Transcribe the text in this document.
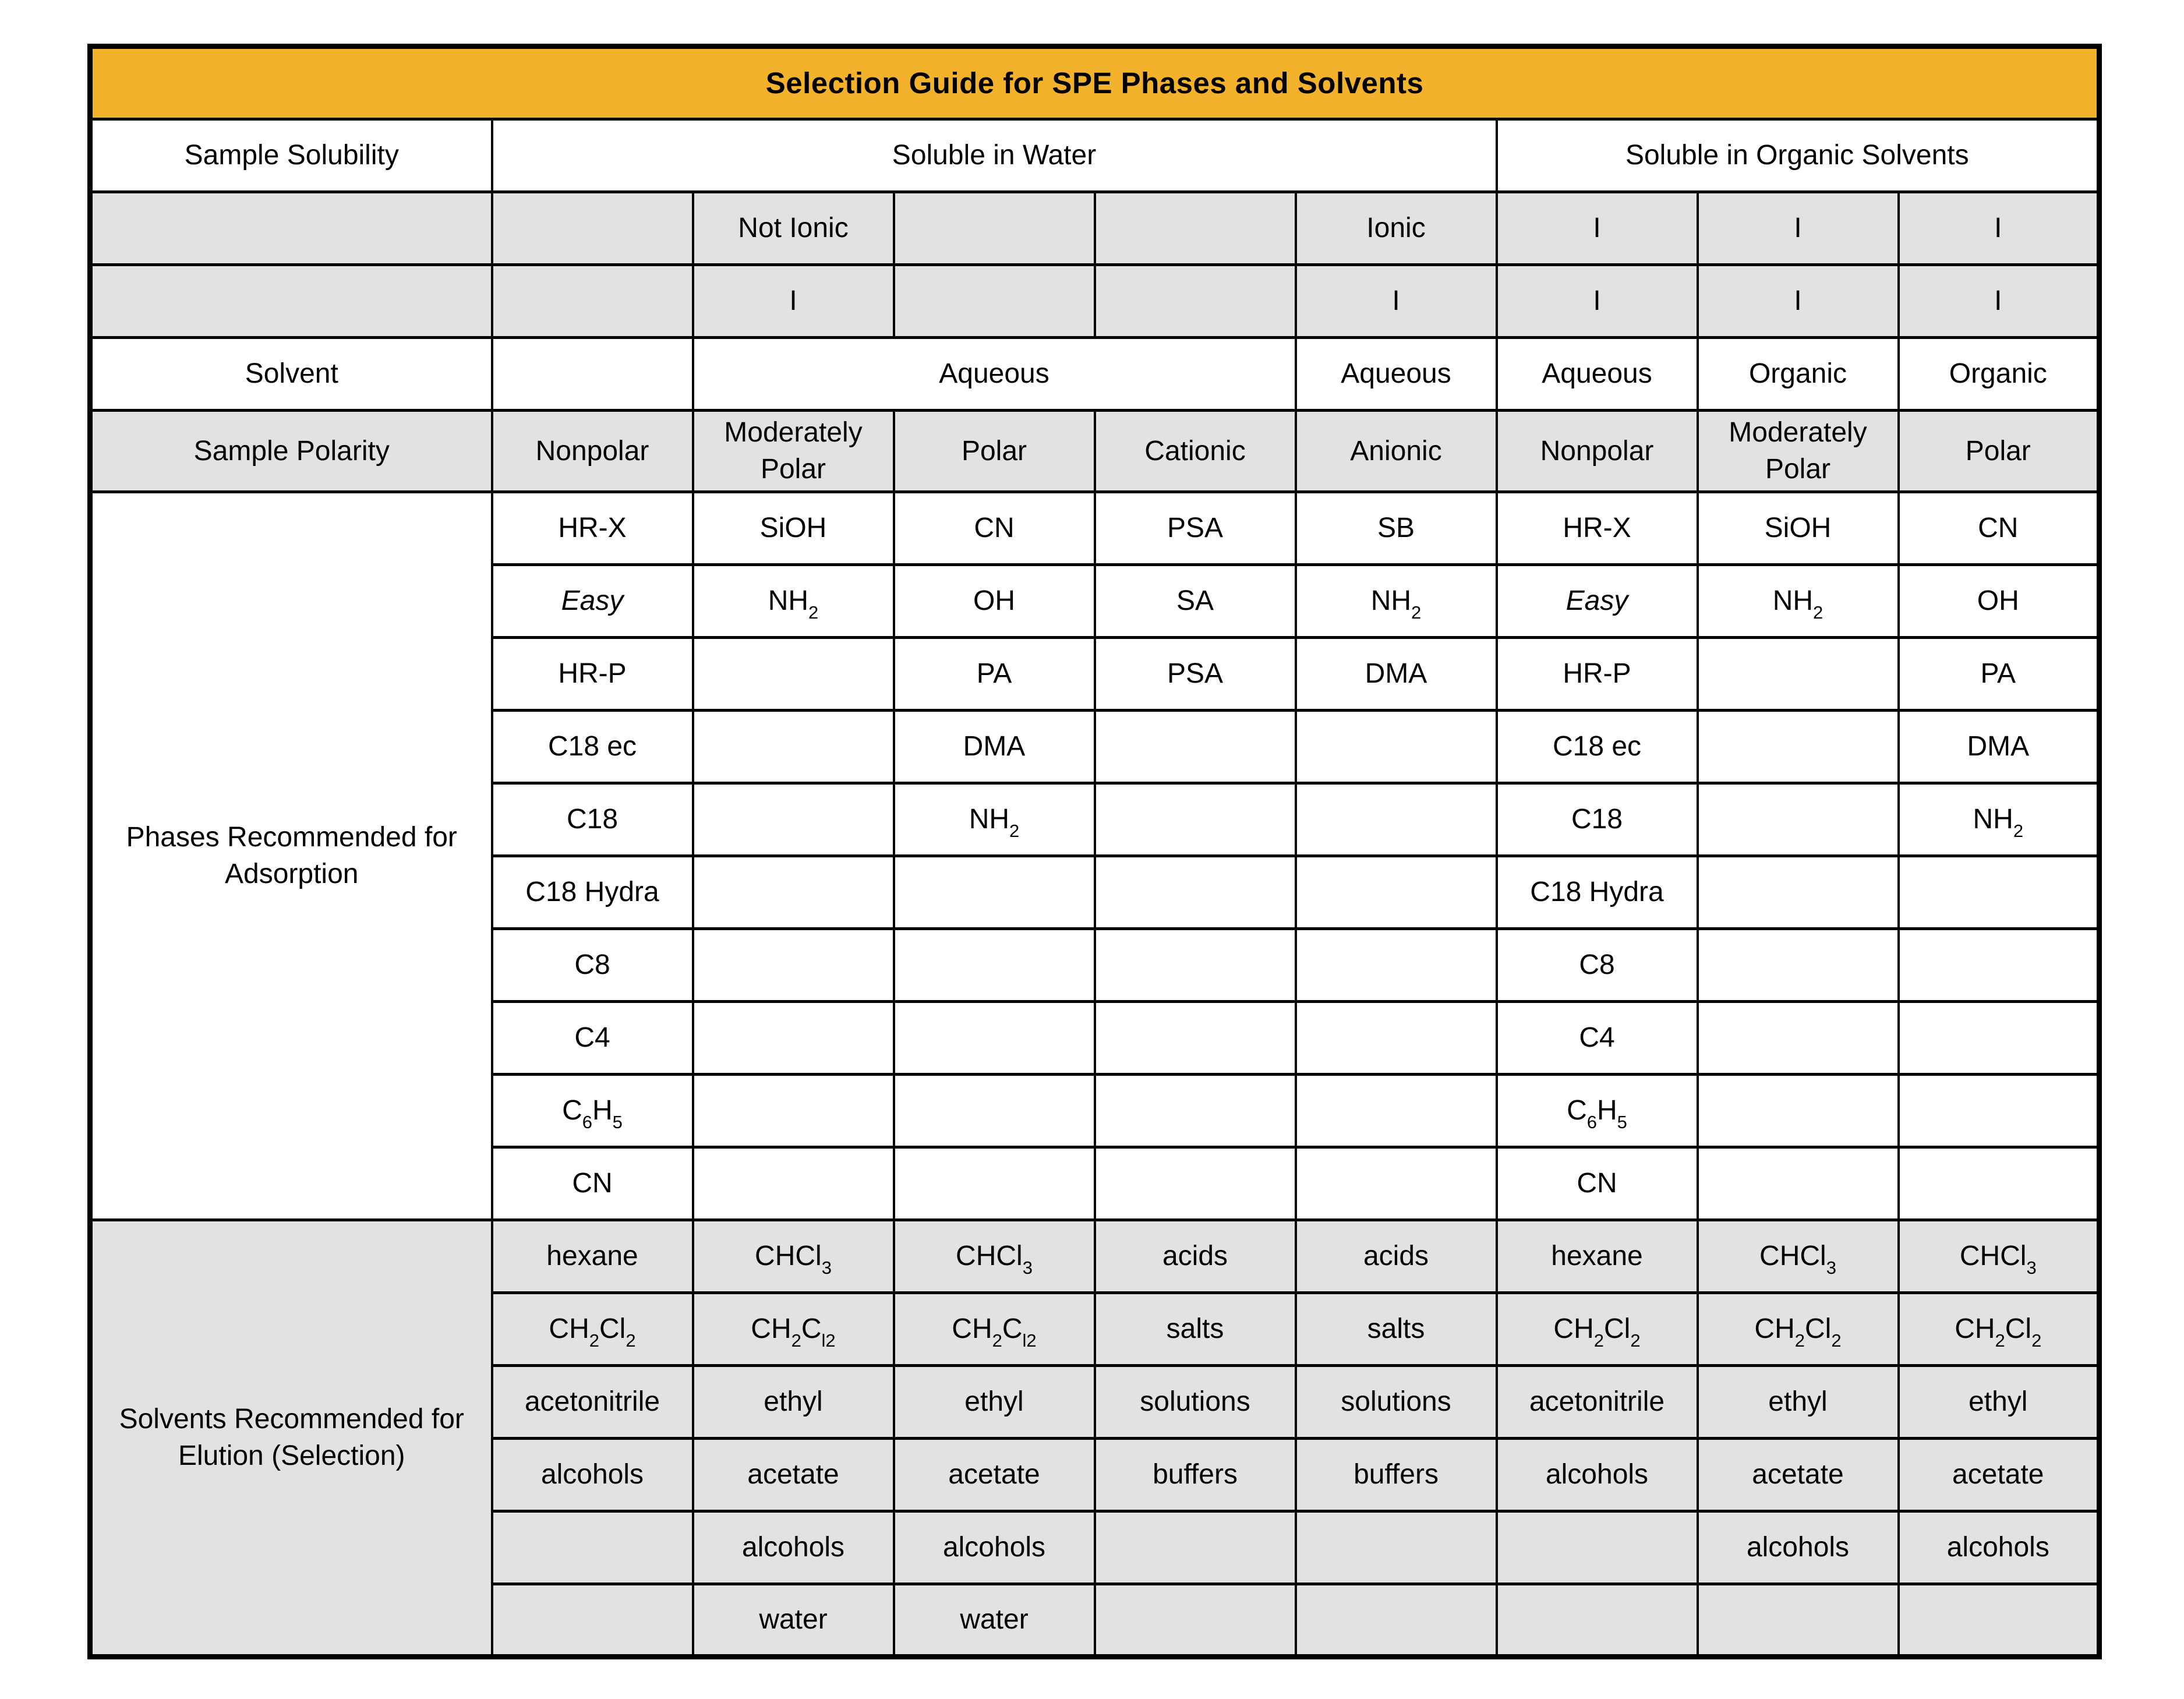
Selection Guide for SPE Phases and Solvents								
Sample Solubility	Soluble in Water					Soluble in Organic Solvents		
		Not Ionic			Ionic	I	I	I
		I			I	I	I	I
Solvent		Aqueous			Aqueous	Aqueous	Organic	Organic
Sample Polarity	Nonpolar	Moderately Polar	Polar	Cationic	Anionic	Nonpolar	Moderately Polar	Polar
Phases Recommended for Adsorption	HR-X	SiOH	CN	PSA	SB	HR-X	SiOH	CN
	Easy	$NH_2$	OH	SA	$NH_2$	Easy	$NH_2$	OH
	HR-P		PA	PSA	DMA	HR-P		PA
	C18 ec		DMA			C18 ec		DMA
	C18		$NH_2$			C18		$NH_2$
	C18 Hydra					C18 Hydra		
	C8					C8		
	C4					C4		
	$C_6H_5$					$C_6H_5$		
	CN					CN		
Solvents Recommended for Elution (Selection)	hexane	CHCl$_3$	CHCl$_3$	acids	acids	hexane	CHCl$_3$	CHCl$_3$
	$CH_2Cl_2$	$CH_2C_{l2}$	$CH_2C_{l2}$	salts	salts	$CH_2Cl_2$	$CH_2Cl_2$	$CH_2Cl_2$
	acetonitrile	ethyl	ethyl	solutions	solutions	acetonitrile	ethyl	ethyl
	alcohols	acetate	acetate	buffers	buffers	alcohols	acetate	acetate
		alcohols	alcohols				alcohols	alcohols
		water	water					
